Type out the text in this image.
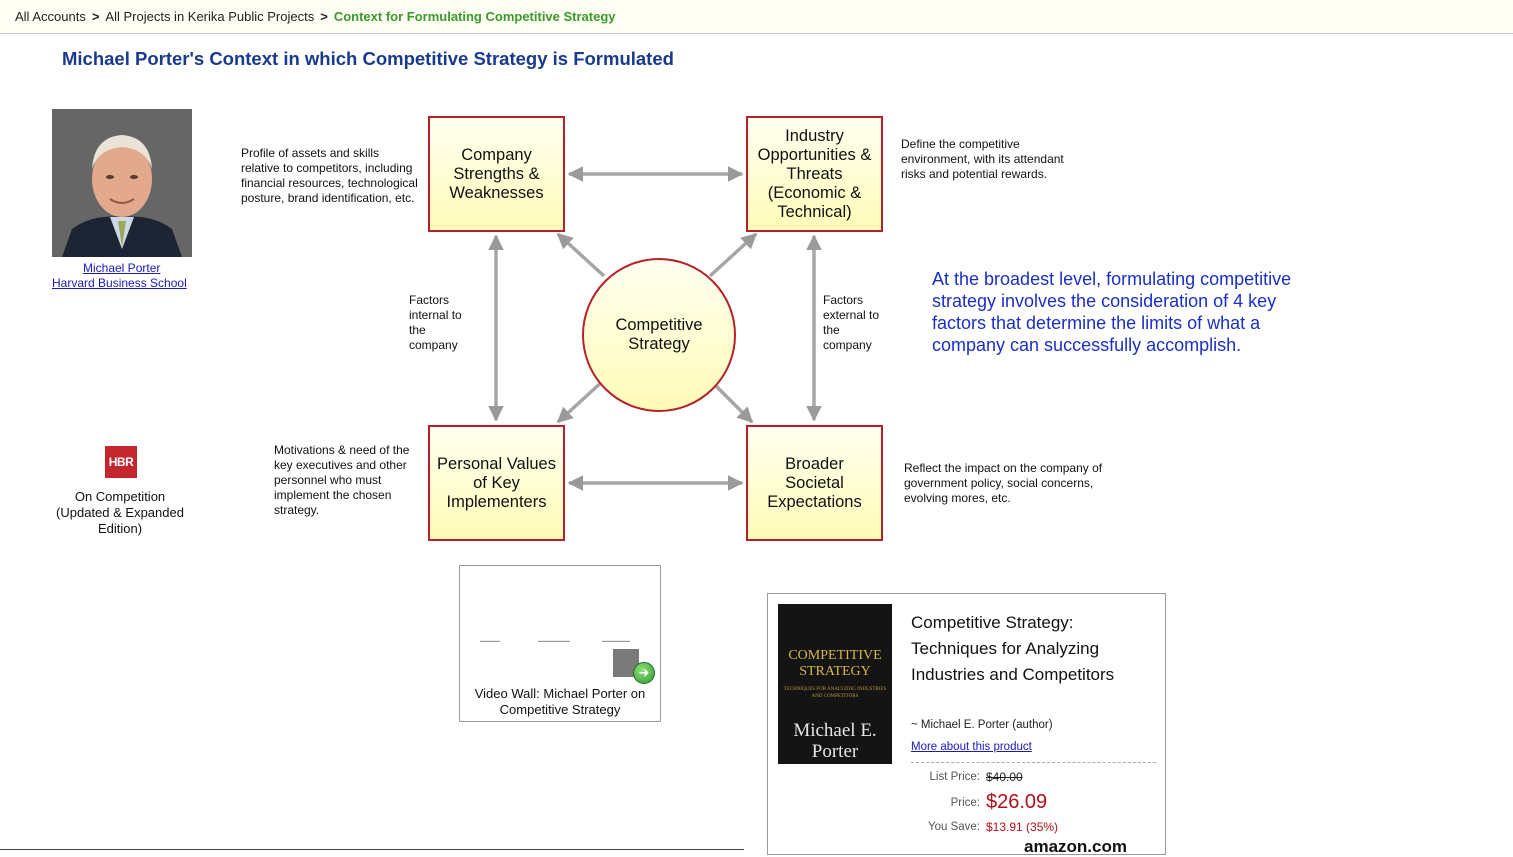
All Accounts > All Projects in Kerika Public Projects > Context for Formulating Competitive Strategy
Michael Porter's Context in which Competitive Strategy is Formulated
Michael Porter
Harvard Business School
Profile of assets and skills relative to competitors, including financial resources, technological posture, brand identification, etc.
Define the competitive environment, with its attendant risks and potential rewards.
Motivations & need of the key executives and other personnel who must implement the chosen strategy.
Reflect the impact on the company of government policy, social concerns, evolving mores, etc.
Factors internal to the company
Factors external to the company
Company Strengths & Weaknesses
Industry Opportunities & Threats (Economic & Technical)
Personal Values of Key Implementers
Broader Societal Expectations
Competitive Strategy
At the broadest level, formulating competitive strategy involves the consideration of 4 key factors that determine the limits of what a company can successfully accomplish.
HBR
On Competition (Updated & Expanded Edition)
▬▬▬▬▬	▬▬▬▬▬▬▬▬	▬▬▬▬▬▬▬
➜
Video Wall: Michael Porter on Competitive Strategy
COMPETITIVE STRATEGY
TECHNIQUES FOR ANALYZING INDUSTRIES AND COMPETITORS
Michael E. Porter
Competitive Strategy: Techniques for Analyzing Industries and Competitors
~ Michael E. Porter (author)
More about this product
List Price: $40.00
Price: $26.09
You Save: $13.91 (35%)
amazon.com
